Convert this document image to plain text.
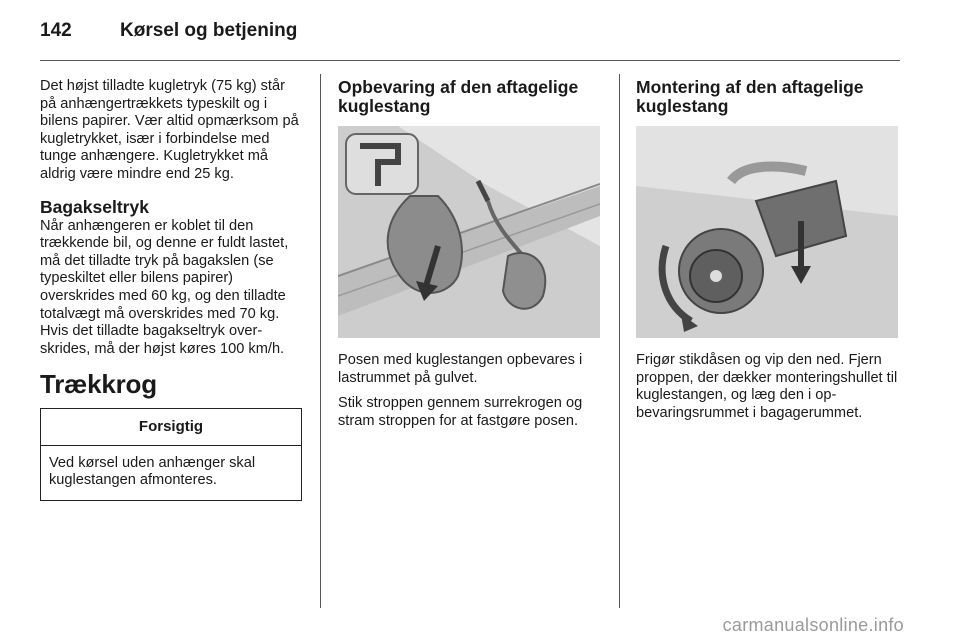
142	Kørsel og betjening

Det højst tilladte kugletryk (75 kg) står på anhængertrækkets typeskilt og i bilens papirer. Vær altid opmærksom på kugletrykket, især i forbindelse med tunge anhængere. Kugletrykket må aldrig være mindre end 25 kg.

Bagakseltryk

Når anhængeren er koblet til den trækkende bil, og denne er fuldt lastet, må det tilladte tryk på bagakslen (se typeskiltet eller bilens papirer) overskrides med 60 kg, og den tilladte totalvægt må overskrides med 70 kg. Hvis det tilladte bagakseltryk overskrides, må der højst køres 100 km/h.

Trækkrog
Forsigtig
Ved kørsel uden anhænger skal kuglestangen afmonteres.
Opbevaring af den aftagelige kuglestang

Posen med kuglestangen opbevares i lastrummet på gulvet.

Stik stroppen gennem surrekrogen og stram stroppen for at fastgøre posen.

Montering af den aftagelige kuglestang

Frigør stikdåsen og vip den ned. Fjern proppen, der dækker monteringshullet til kuglestangen, og læg den i opbevaringsrummet i bagagerummet.

carmanualsonline.info
